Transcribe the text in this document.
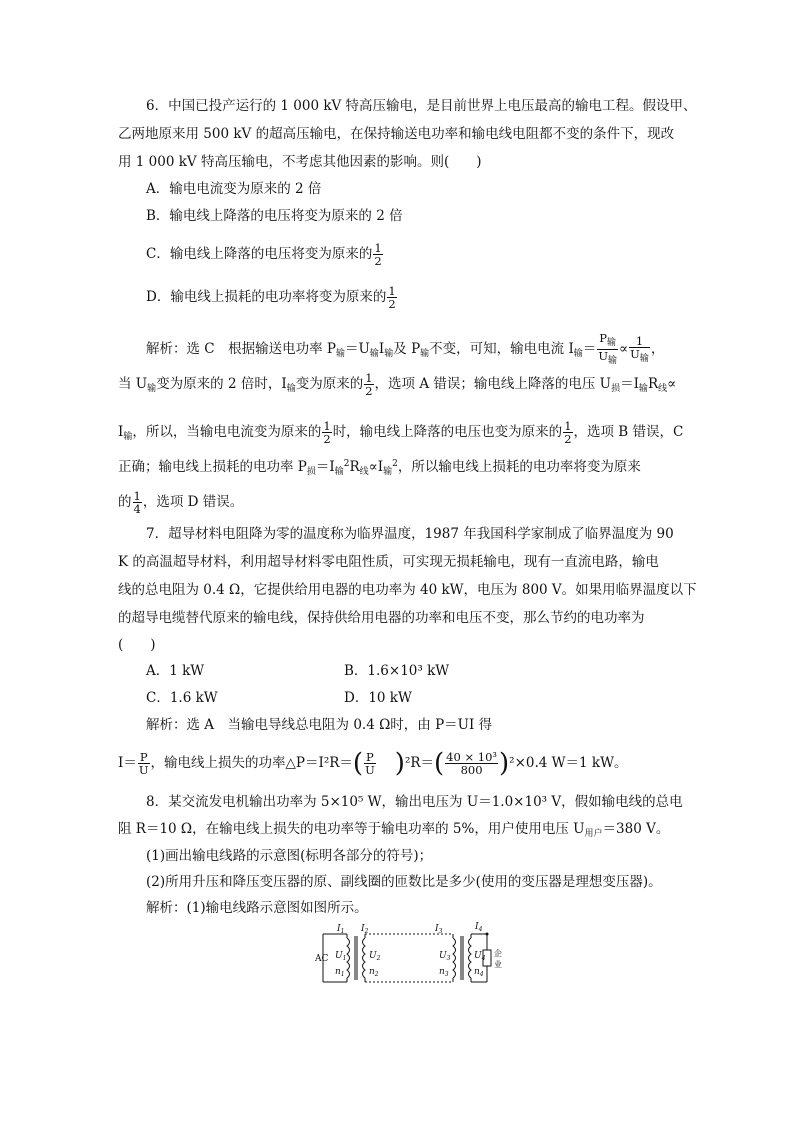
6．中国已投产运行的 1 000 kV 特高压输电，是目前世界上电压最高的输电工程。假设甲、
乙两地原来用 500 kV 的超高压输电，在保持输送电功率和输电线电阻都不变的条件下，现改
用 1 000 kV 特高压输电，不考虑其他因素的影响。则(　　)
A．输电电流变为原来的 2 倍
B．输电线上降落的电压将变为原来的 2 倍
C．输电线上降落的电压将变为原来的 $\frac{1}{2}$
D．输电线上损耗的电功率将变为原来的 $\frac{1}{2}$
解析：选 C　根据输送电功率 $P_输=U_输I_输$及 $P_输$不变，可知，输电电流 $I_输= \frac{P_输}{U_输} \propto \frac{1}{U_输}$ ，
当 $U_输$变为原来的 2 倍时，$I_输$变为原来的 $\frac{1}{2}$ ，选项 A 错误；输电线上降落的电压 $U_损=I_输R_线\propto$
$I_输$，所以，当输电电流变为原来的 $\frac{1}{2}$ 时，输电线上降落的电压也变为原来的 $\frac{1}{2}$ ，选项 B 错误，C
正确；输电线上损耗的电功率 $P_损=I_输^2R_线\propto I_输^2$，所以输电线上损耗的电功率将变为原来
的 $\frac{1}{4}$ ，选项 D 错误。
7．超导材料电阻降为零的温度称为临界温度，1987 年我国科学家制成了临界温度为 90
K 的高温超导材料，利用超导材料零电阻性质，可实现无损耗输电，现有一直流电路，输电
线的总电阻为 0.4 Ω，它提供给用电器的电功率为 40 kW，电压为 800 V。如果用临界温度以下
的超导电缆替代原来的输电线，保持供给用电器的功率和电压不变，那么节约的电功率为
(　　)
A．1 kW	B．1.6×10³ kW
C．1.6 kW	D．10 kW
解析：选 A　当输电导线总电阻为 0.4 Ω时，由 P＝UI 得
$I= \frac{P}{U}$ ，输电线上损失的功率△P＝I²R＝( $\frac{P}{U} )^2R=( \frac{\text{40 × 10³}}{800} )^2\times 0.4$ W＝1 kW。
8．某交流发电机输出功率为 5×10⁵ W，输出电压为 U＝1.0×10³ V，假如输电线的总电
阻 R＝10 Ω，在输电线上损失的电功率等于输电功率的 5%，用户使用电压 $U_{用户}=380$ V。
(1)画出输电线路的示意图(标明各部分的符号)；
(2)所用升压和降压变压器的原、副线圈的匝数比是多少(使用的变压器是理想变压器)。
解析：(1)输电线路示意图如图所示。
$I_1$ $I_2$	$I_3$	$I_4$
$U_1$
$n_1$
$U_2$
$n_2$
$U_3$
$n_3$
$U_4$
$n_4$
AC
企
业
